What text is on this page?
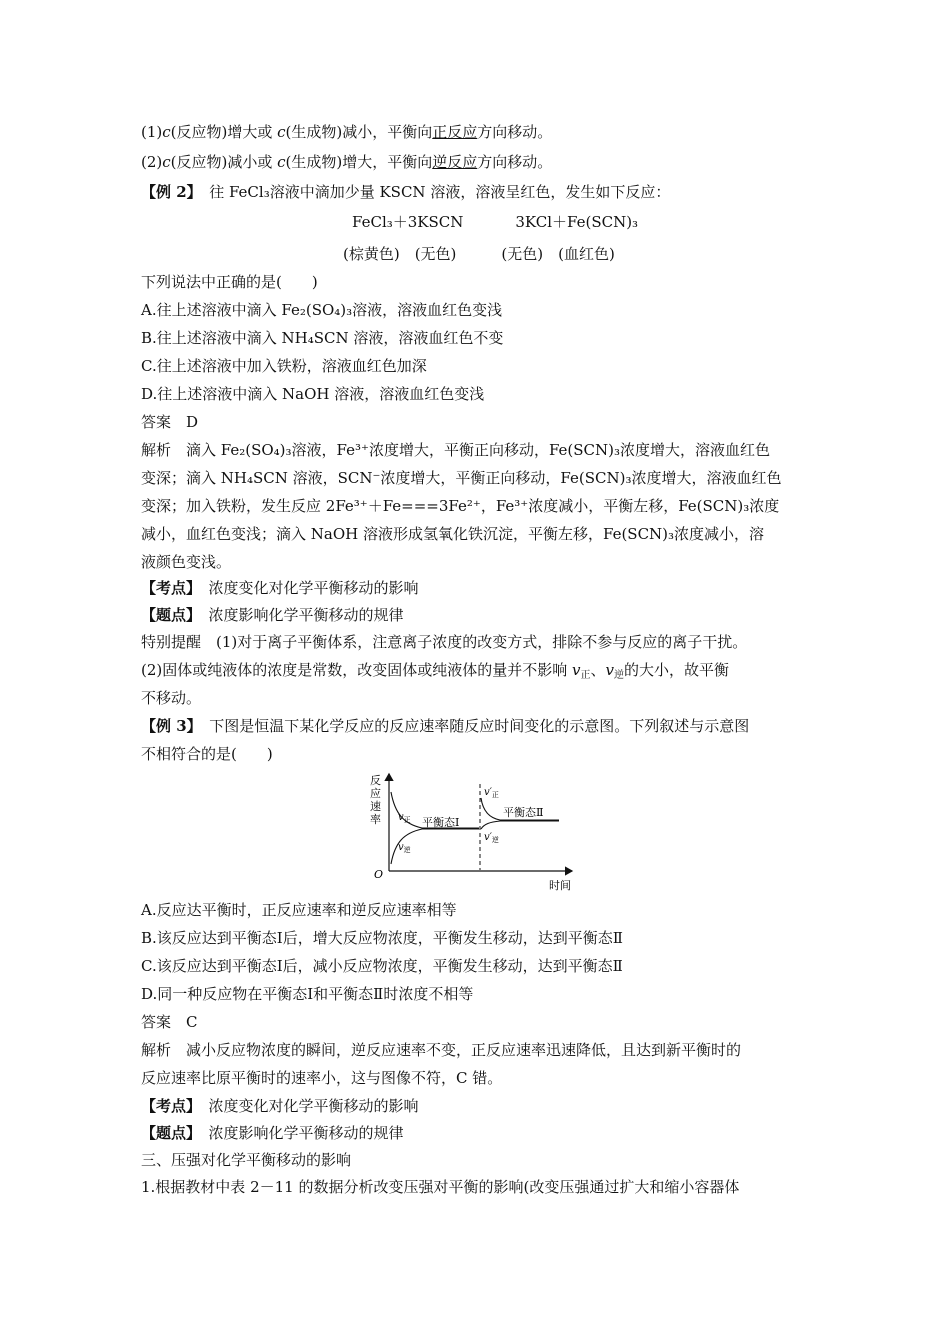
(1)c(反应物)增大或 c(生成物)减小，平衡向正反应方向移动。
(2)c(反应物)减小或 c(生成物)增大，平衡向逆反应方向移动。
【例 2】　 往 FeCl₃溶液中滴加少量 KSCN 溶液，溶液呈红色，发生如下反应：
FeCl₃＋3KSCN	3KCl＋Fe(SCN)₃
(棕黄色)　(无色)　　　(无色)　(血红色)
下列说法中正确的是(　　)
A.往上述溶液中滴入 Fe₂(SO₄)₃溶液，溶液血红色变浅
B.往上述溶液中滴入 NH₄SCN 溶液，溶液血红色不变
C.往上述溶液中加入铁粉，溶液血红色加深
D.往上述溶液中滴入 NaOH 溶液，溶液血红色变浅
答案　D
解析　滴入 Fe₂(SO₄)₃溶液，Fe³⁺浓度增大，平衡正向移动，Fe(SCN)₃浓度增大，溶液血红色
变深；滴入 NH₄SCN 溶液，SCN⁻浓度增大，平衡正向移动，Fe(SCN)₃浓度增大，溶液血红色
变深；加入铁粉，发生反应 2Fe³⁺＋Fe===3Fe²⁺，Fe³⁺浓度减小，平衡左移，Fe(SCN)₃浓度
减小，血红色变浅；滴入 NaOH 溶液形成氢氧化铁沉淀，平衡左移，Fe(SCN)₃浓度减小，溶
液颜色变浅。
【考点】　 浓度变化对化学平衡移动的影响
【题点】　 浓度影响化学平衡移动的规律
特别提醒　(1)对于离子平衡体系，注意离子浓度的改变方式，排除不参与反应的离子干扰。
(2)固体或纯液体的浓度是常数，改变固体或纯液体的量并不影响 $v_正$、$v_逆$的大小，故平衡
不移动。
【例 3】　 下图是恒温下某化学反应的反应速率随反应时间变化的示意图。下列叙述与示意图
不相符合的是(　　)
反
应
速
率
O
时间
$v_正$
$v_逆$
平衡态Ⅰ
$v'_正$
$v'_逆$
平衡态Ⅱ
A.反应达平衡时，正反应速率和逆反应速率相等
B.该反应达到平衡态Ⅰ后，增大反应物浓度，平衡发生移动，达到平衡态Ⅱ
C.该反应达到平衡态Ⅰ后，减小反应物浓度，平衡发生移动，达到平衡态Ⅱ
D.同一种反应物在平衡态Ⅰ和平衡态Ⅱ时浓度不相等
答案　C
解析　减小反应物浓度的瞬间，逆反应速率不变，正反应速率迅速降低，且达到新平衡时的
反应速率比原平衡时的速率小，这与图像不符，C 错。
【考点】　 浓度变化对化学平衡移动的影响
【题点】　 浓度影响化学平衡移动的规律
三、压强对化学平衡移动的影响
1.根据教材中表 2－11 的数据分析改变压强对平衡的影响(改变压强通过扩大和缩小容器体
